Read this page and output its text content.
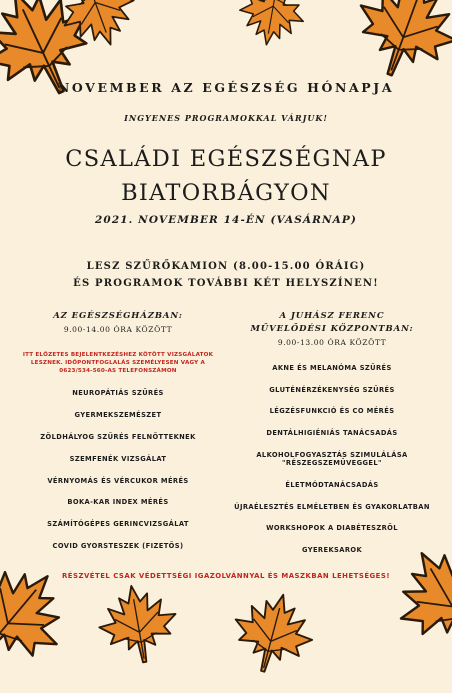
NOVEMBER AZ EGÉSZSÉG HÓNAPJA
INGYENES PROGRAMOKKAL VÁRJUK!
CSALÁDI EGÉSZSÉGNAP
BIATORBÁGYON
2021. NOVEMBER 14-ÉN (VASÁRNAP)
LESZ SZŰRŐKAMION (8.00-15.00 ÓRÁIG)
ÉS PROGRAMOK TOVÁBBI KÉT HELYSZÍNEN!
AZ EGÉSZSÉGHÁZBAN:
9.00-14.00 ÓRA KÖZÖTT
ITT ELŐZETES BEJELENTKEZÉSHEZ KÖTÖTT VIZSGÁLATOK LESZNEK. IDŐPONTFOGLALÁS SZEMÉLYESEN VAGY A 0623/534-560-AS TELEFONSZÁMON
NEUROPÁTIÁS SZŰRÉS
GYERMEKSZEMÉSZET
ZÖLDHÁLYOG SZŰRÉS FELNŐTTEKNEK
SZEMFENÉK VIZSGÁLAT
VÉRNYOMÁS ÉS VÉRCUKOR MÉRÉS
BOKA-KAR INDEX MÉRÉS
SZÁMÍTÓGÉPES GERINCVIZSGÁLAT
COVID GYORSTESZEK (FIZETŐS)
A JUHÁSZ FERENC
MŰVELŐDÉSI KÖZPONTBAN:
9.00-13.00 ÓRA KÖZÖTT
AKNE ÉS MELANÓMA SZŰRÉS
GLUTÉNÉRZÉKENYSÉG SZŰRÉS
LÉGZÉSFUNKCIÓ ÉS CO MÉRÉS
DENTÁLHIGIÉNIÁS TANÁCSADÁS
ALKOHOLFOGYASZTÁS SZIMULÁLÁSA "RÉSZEGSZEMÜVEGGEL"
ÉLETMÓDTANÁCSADÁS
ÚJRAÉLESZTÉS ELMÉLETBEN ÉS GYAKORLATBAN
WORKSHOPOK A DIABÉTESZRŐL
GYEREKSAROK
RÉSZVÉTEL CSAK VÉDETTSÉGI IGAZOLVÁNNYAL ÉS MASZKBAN LEHETSÉGES!
